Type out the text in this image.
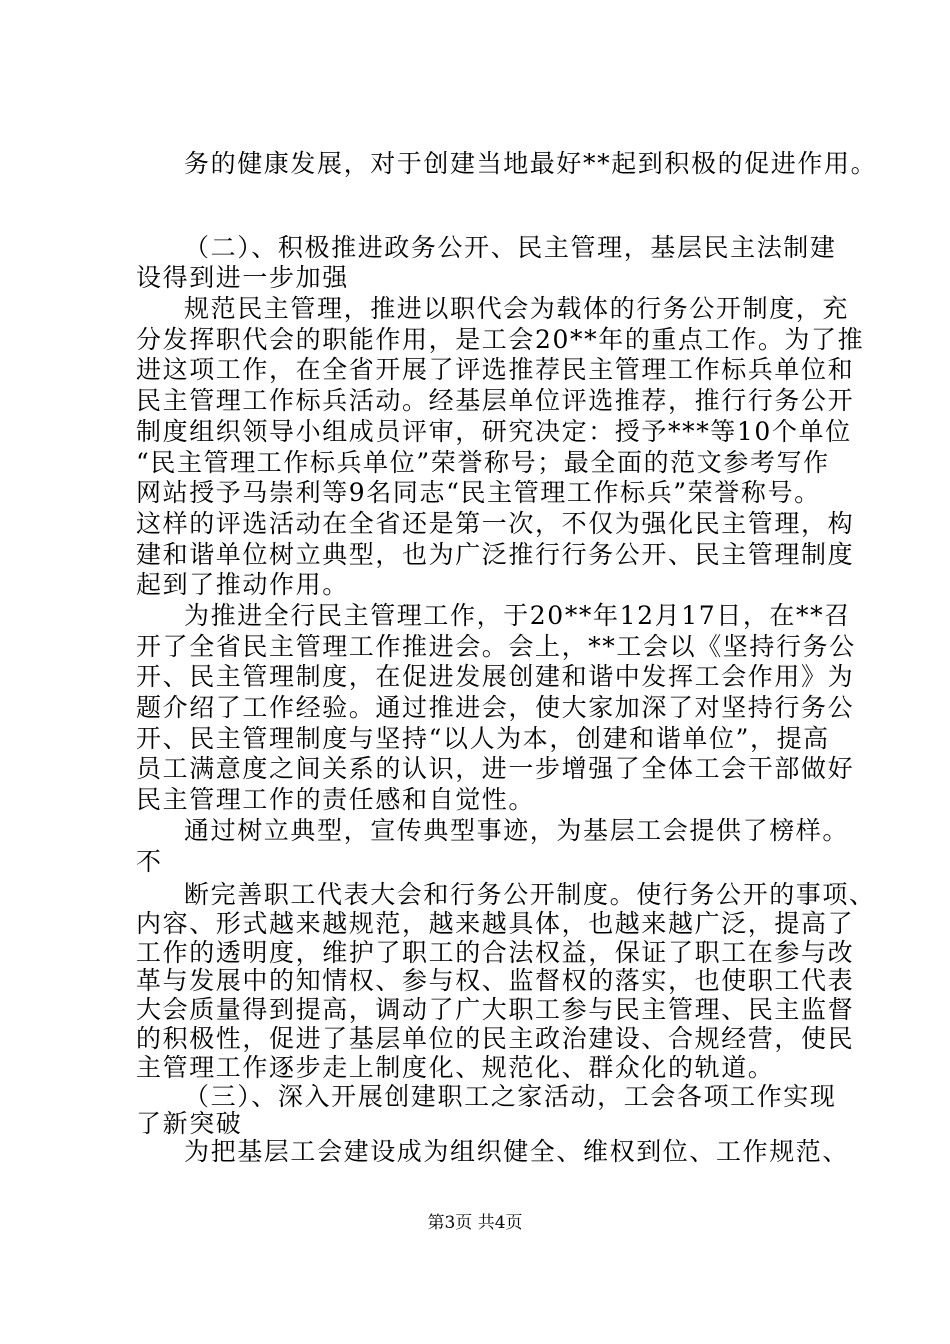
务的健康发展，对于创建当地最好**起到积极的促进作用。
（二）、积极推进政务公开、民主管理，基层民主法制建
设得到进一步加强
规范民主管理，推进以职代会为载体的行务公开制度，充
分发挥职代会的职能作用，是工会20**年的重点工作。为了推
进这项工作，在全省开展了评选推荐民主管理工作标兵单位和
民主管理工作标兵活动。经基层单位评选推荐，推行行务公开
制度组织领导小组成员评审，研究决定：授予***等10个单位
“民主管理工作标兵单位”荣誉称号；最全面的范文参考写作
网站授予马崇利等9名同志“民主管理工作标兵”荣誉称号。
这样的评选活动在全省还是第一次，不仅为强化民主管理，构
建和谐单位树立典型，也为广泛推行行务公开、民主管理制度
起到了推动作用。
为推进全行民主管理工作，于20**年12月17日，在**召
开了全省民主管理工作推进会。会上，**工会以《坚持行务公
开、民主管理制度，在促进发展创建和谐中发挥工会作用》为
题介绍了工作经验。通过推进会，使大家加深了对坚持行务公
开、民主管理制度与坚持“以人为本，创建和谐单位”，提高
员工满意度之间关系的认识，进一步增强了全体工会干部做好
民主管理工作的责任感和自觉性。
通过树立典型，宣传典型事迹，为基层工会提供了榜样。
不
断完善职工代表大会和行务公开制度。使行务公开的事项、
内容、形式越来越规范，越来越具体，也越来越广泛，提高了
工作的透明度，维护了职工的合法权益，保证了职工在参与改
革与发展中的知情权、参与权、监督权的落实，也使职工代表
大会质量得到提高，调动了广大职工参与民主管理、民主监督
的积极性，促进了基层单位的民主政治建设、合规经营，使民
主管理工作逐步走上制度化、规范化、群众化的轨道。
（三）、深入开展创建职工之家活动，工会各项工作实现
了新突破
为把基层工会建设成为组织健全、维权到位、工作规范、
第3页 共4页
